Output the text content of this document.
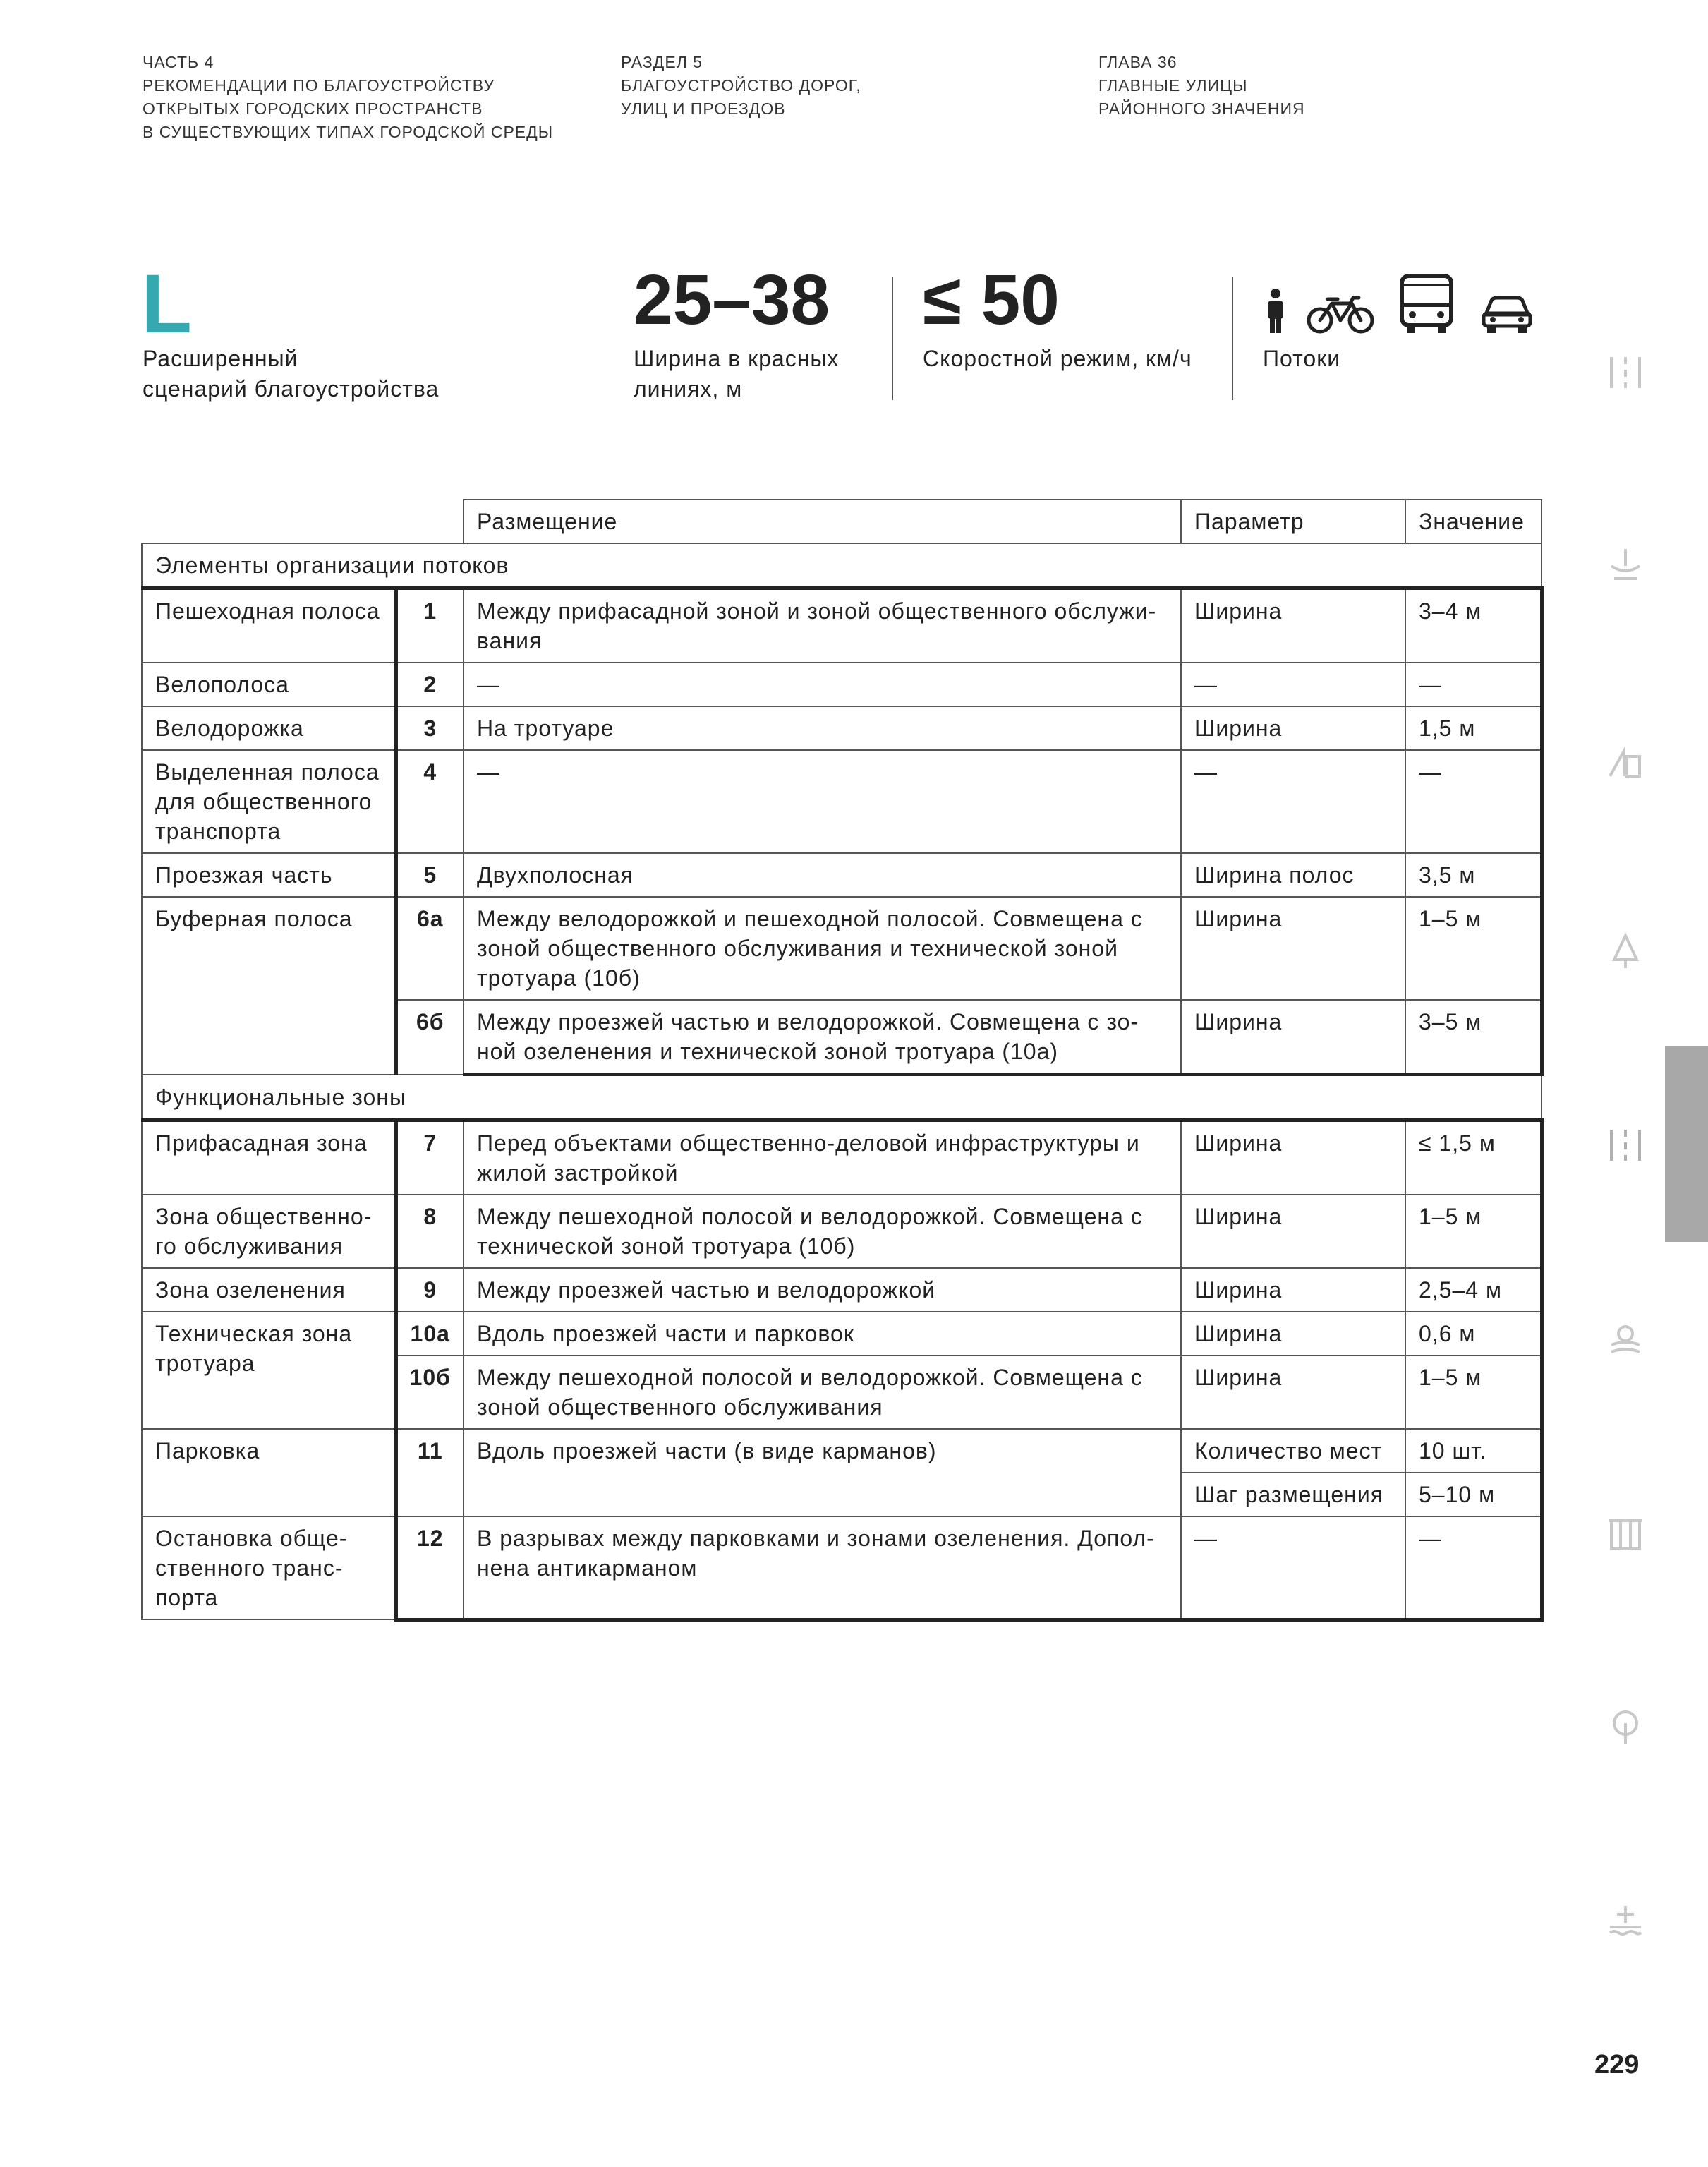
ЧАСТЬ 4
РЕКОМЕНДАЦИИ ПО БЛАГОУСТРОЙСТВУ
ОТКРЫТЫХ ГОРОДСКИХ ПРОСТРАНСТВ
В СУЩЕСТВУЮЩИХ ТИПАХ ГОРОДСКОЙ СРЕДЫ
РАЗДЕЛ 5
БЛАГОУСТРОЙСТВО ДОРОГ,
УЛИЦ И ПРОЕЗДОВ
ГЛАВА 36
ГЛАВНЫЕ УЛИЦЫ
РАЙОННОГО ЗНАЧЕНИЯ
L
Расширенный
сценарий благоустройства
25–38
Ширина в красных
линиях, м
≤ 50
Скоростной режим, км/ч	Потоки
		Размещение	Параметр	Значение
Элементы организации потоков				
Пешеходная полоса	1	Между прифасадной зоной и зоной общественного обслужи-вания	Ширина	3–4 м
Велополоса	2	—	—	—
Велодорожка	3	На тротуаре	Ширина	1,5 м
Выделенная полоса для общественного транспорта	4	—	—	—
Проезжая часть	5	Двухполосная	Ширина полос	3,5 м
Буферная полоса	6а	Между велодорожкой и пешеходной полосой. Совмещена с зоной общественного обслуживания и технической зоной тротуара (10б)	Ширина	1–5 м
	6б	Между проезжей частью и велодорожкой. Совмещена с зо-ной озеленения и технической зоной тротуара (10а)	Ширина	3–5 м
Функциональные зоны				
Прифасадная зона	7	Перед объектами общественно-деловой инфраструктуры и жилой застройкой	Ширина	≤ 1,5 м
Зона общественно-го обслуживания	8	Между пешеходной полосой и велодорожкой. Совмещена с технической зоной тротуара (10б)	Ширина	1–5 м
Зона озеленения	9	Между проезжей частью и велодорожкой	Ширина	2,5–4 м
Техническая зона тротуара	10а	Вдоль проезжей части и парковок	Ширина	0,6 м
	10б	Между пешеходной полосой и велодорожкой. Совмещена с зоной общественного обслуживания	Ширина	1–5 м
Парковка	11	Вдоль проезжей части (в виде карманов)	Количество мест	10 шт.
			Шаг размещения	5–10 м
Остановка обще-ственного транс-порта	12	В разрывах между парковками и зонами озеленения. Допол-нена антикарманом	—	—
229
